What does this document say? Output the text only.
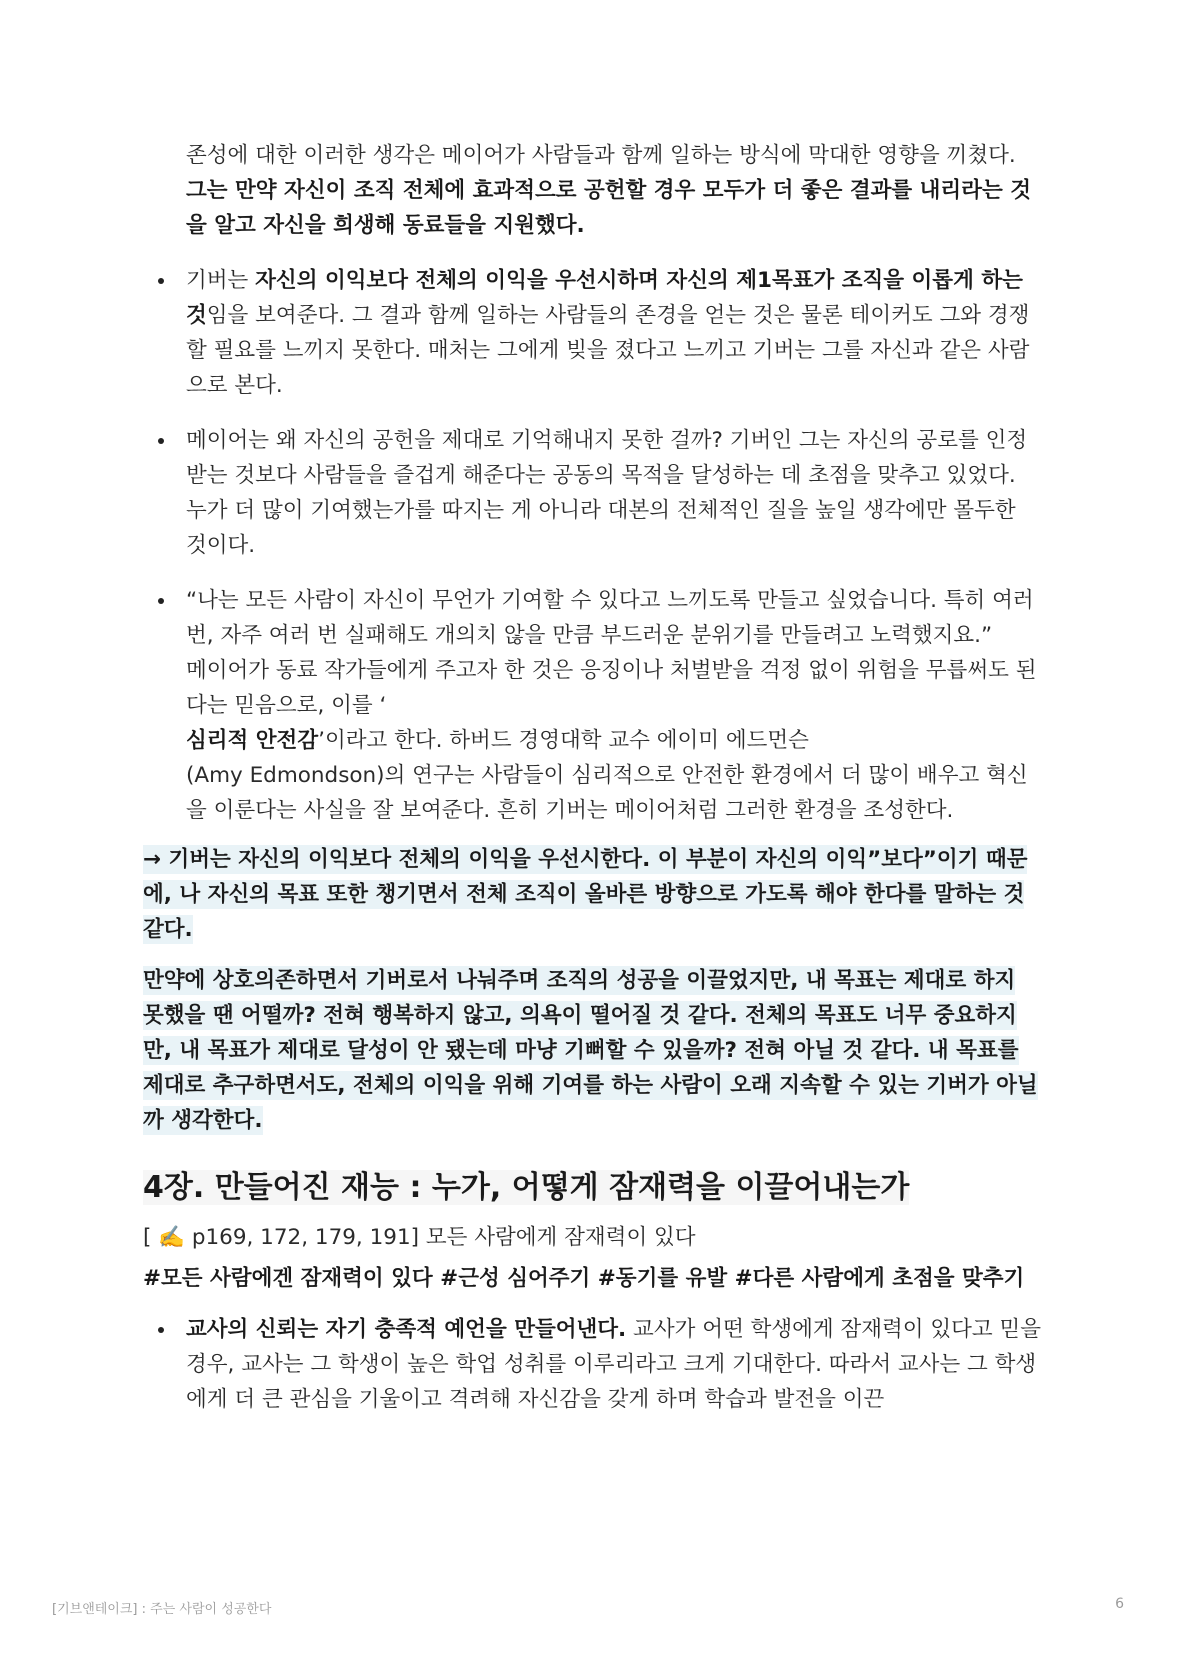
존성에 대한 이러한 생각은 메이어가 사람들과 함께 일하는 방식에 막대한 영향을 끼쳤다. 그는 만약 자신이 조직 전체에 효과적으로 공헌할 경우 모두가 더 좋은 결과를 내리라는 것을 알고 자신을 희생해 동료들을 지원했다.

기버는 자신의 이익보다 전체의 이익을 우선시하며 자신의 제1목표가 조직을 이롭게 하는 것임을 보여준다. 그 결과 함께 일하는 사람들의 존경을 얻는 것은 물론 테이커도 그와 경쟁할 필요를 느끼지 못한다. 매처는 그에게 빚을 졌다고 느끼고 기버는 그를 자신과 같은 사람으로 본다.
메이어는 왜 자신의 공헌을 제대로 기억해내지 못한 걸까? 기버인 그는 자신의 공로를 인정받는 것보다 사람들을 즐겁게 해준다는 공동의 목적을 달성하는 데 초점을 맞추고 있었다. 누가 더 많이 기여했는가를 따지는 게 아니라 대본의 전체적인 질을 높일 생각에만 몰두한 것이다.
“나는 모든 사람이 자신이 무언가 기여할 수 있다고 느끼도록 만들고 싶었습니다. 특히 여러 번, 자주 여러 번 실패해도 개의치 않을 만큼 부드러운 분위기를 만들려고 노력했지요.”
메이어가 동료 작가들에게 주고자 한 것은 응징이나 처벌받을 걱정 없이 위험을 무릅써도 된다는 믿음으로, 이를 ‘
심리적 안전감’이라고 한다. 하버드 경영대학 교수 에이미 에드먼슨
(Amy Edmondson)의 연구는 사람들이 심리적으로 안전한 환경에서 더 많이 배우고 혁신을 이룬다는 사실을 잘 보여준다. 흔히 기버는 메이어처럼 그러한 환경을 조성한다.
→ 기버는 자신의 이익보다 전체의 이익을 우선시한다. 이 부분이 자신의 이익”보다”이기 때문에, 나 자신의 목표 또한 챙기면서 전체 조직이 올바른 방향으로 가도록 해야 한다를 말하는 것 같다.
만약에 상호의존하면서 기버로서 나눠주며 조직의 성공을 이끌었지만, 내 목표는 제대로 하지 못했을 땐 어떨까? 전혀 행복하지 않고, 의욕이 떨어질 것 같다. 전체의 목표도 너무 중요하지만, 내 목표가 제대로 달성이 안 됐는데 마냥 기뻐할 수 있을까? 전혀 아닐 것 같다. 내 목표를 제대로 추구하면서도, 전체의 이익을 위해 기여를 하는 사람이 오래 지속할 수 있는 기버가 아닐까 생각한다.
4장. 만들어진 재능 : 누가, 어떻게 잠재력을 이끌어내는가

[ ✍️ p169, 172, 179, 191] 모든 사람에게 잠재력이 있다

#모든 사람에겐 잠재력이 있다 #근성 심어주기 #동기를 유발 #다른 사람에게 초점을 맞추기

교사의 신뢰는 자기 충족적 예언을 만들어낸다. 교사가 어떤 학생에게 잠재력이 있다고 믿을 경우, 교사는 그 학생이 높은 학업 성취를 이루리라고 크게 기대한다. 따라서 교사는 그 학생에게 더 큰 관심을 기울이고 격려해 자신감을 갖게 하며 학습과 발전을 이끈
[기브앤테이크] : 주는 사람이 성공한다	6
